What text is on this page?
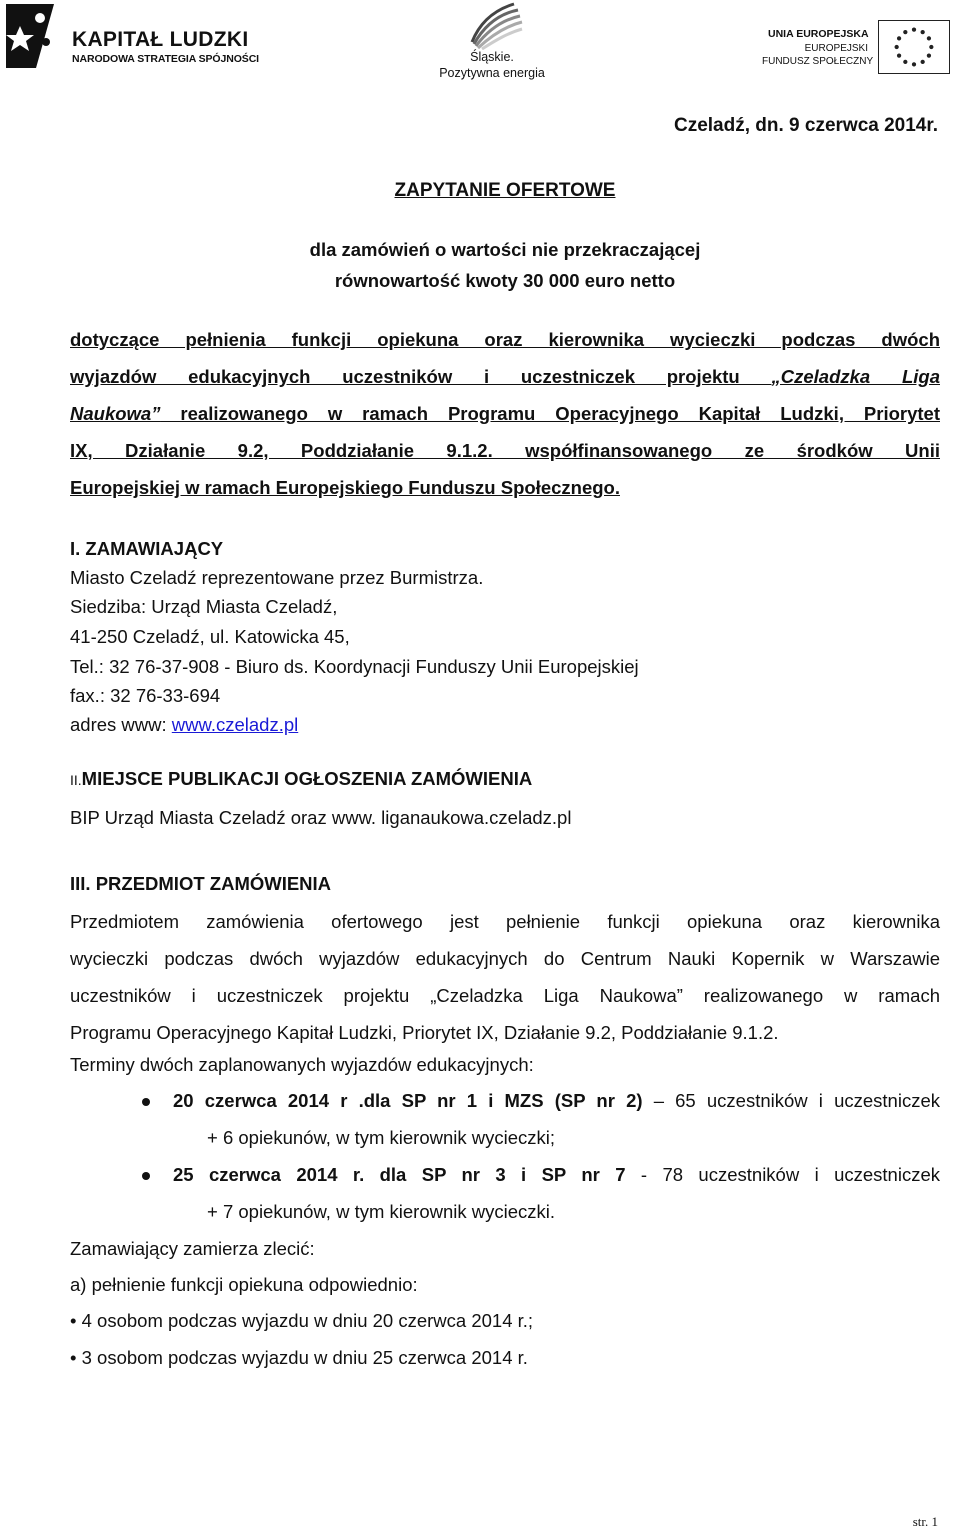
KAPITAŁ LUDZKI
NARODOWA STRATEGIA SPÓJNOŚCI	Śląskie.
Pozytywna energia
UNIA EUROPEJSKA
EUROPEJSKI
FUNDUSZ SPOŁECZNY
Czeladź, dn. 9 czerwca 2014r.
ZAPYTANIE OFERTOWE
dla zamówień o wartości nie przekraczającej
równowartość kwoty 30 000 euro netto
dotyczące pełnienia funkcji opiekuna oraz kierownika wycieczki podczas dwóch
wyjazdów edukacyjnych uczestników i uczestniczek projektu „Czeladzka Liga
Naukowa” realizowanego w ramach Programu Operacyjnego Kapitał Ludzki, Priorytet
IX, Działanie 9.2, Poddziałanie 9.1.2. współfinansowanego ze środków Unii
Europejskiej w ramach Europejskiego Funduszu Społecznego.
I. ZAMAWIAJĄCY
Miasto Czeladź reprezentowane przez Burmistrza.
Siedziba: Urząd Miasta Czeladź,
41-250 Czeladź, ul. Katowicka 45,
Tel.: 32 76-37-908 - Biuro ds. Koordynacji Funduszy Unii Europejskiej
fax.: 32 76-33-694
adres www: www.czeladz.pl
II.MIEJSCE PUBLIKACJI OGŁOSZENIA ZAMÓWIENIA
BIP Urząd Miasta Czeladź oraz www. liganaukowa.czeladz.pl
III. PRZEDMIOT ZAMÓWIENIA
Przedmiotem zamówienia ofertowego jest pełnienie funkcji opiekuna oraz kierownika
wycieczki podczas dwóch wyjazdów edukacyjnych do Centrum Nauki Kopernik w Warszawie
uczestników i uczestniczek projektu „Czeladzka Liga Naukowa” realizowanego w ramach
Programu Operacyjnego Kapitał Ludzki, Priorytet IX, Działanie 9.2, Poddziałanie 9.1.2.
Terminy dwóch zaplanowanych wyjazdów edukacyjnych:
20 czerwca 2014 r .dla SP nr 1 i MZS (SP nr 2) – 65 uczestników i uczestniczek
+ 6 opiekunów, w tym kierownik wycieczki;
25 czerwca 2014 r. dla SP nr 3 i SP nr 7 - 78 uczestników i uczestniczek
+ 7 opiekunów, w tym kierownik wycieczki.
Zamawiający zamierza zlecić:
a) pełnienie funkcji opiekuna odpowiednio:
• 4 osobom podczas wyjazdu w dniu 20 czerwca 2014 r.;
• 3 osobom podczas wyjazdu w dniu 25 czerwca 2014 r.
str. 1
